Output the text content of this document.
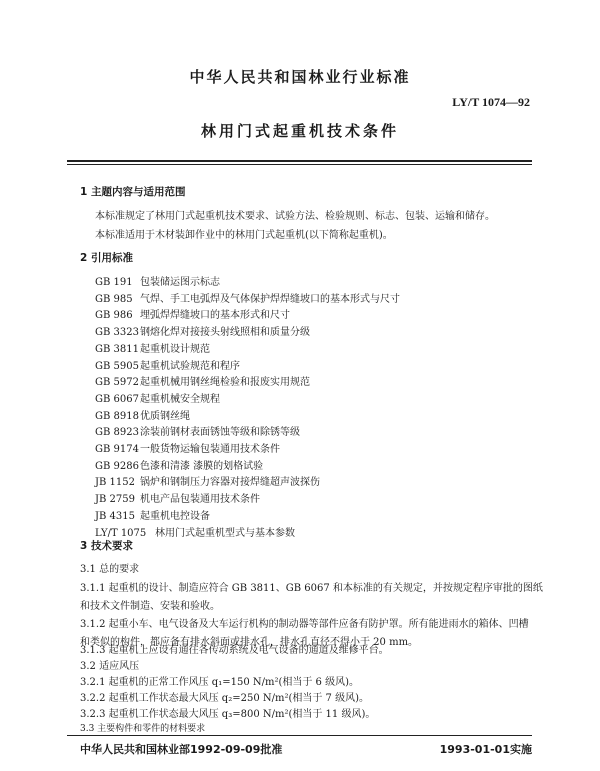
中华人民共和国林业行业标准
LY/T 1074—92
林用门式起重机技术条件
1 主题内容与适用范围
本标准规定了林用门式起重机技术要求、试验方法、检验规则、标志、包装、运输和储存。
本标准适用于木材装卸作业中的林用门式起重机(以下简称起重机)。
2 引用标准
GB 191 包装储运图示标志
GB 985 气焊、手工电弧焊及气体保护焊焊缝坡口的基本形式与尺寸
GB 986 埋弧焊焊缝坡口的基本形式和尺寸
GB 3323钢熔化焊对接接头射线照相和质量分级
GB 3811起重机设计规范
GB 5905起重机试验规范和程序
GB 5972起重机械用钢丝绳检验和报废实用规范
GB 6067起重机械安全规程
GB 8918优质钢丝绳
GB 8923涂装前钢材表面锈蚀等级和除锈等级
GB 9174一般货物运输包装通用技术条件
GB 9286色漆和清漆 漆膜的划格试验
JB 1152 锅炉和钢制压力容器对接焊缝超声波探伤
JB 2759 机电产品包装通用技术条件
JB 4315 起重机电控设备
LY/T 1075 林用门式起重机型式与基本参数
3 技术要求
3.1 总的要求
3.1.1 起重机的设计、制造应符合 GB 3811、GB 6067 和本标准的有关规定，并按规定程序审批的图纸
和技术文件制造、安装和验收。
3.1.2 起重小车、电气设备及大车运行机构的制动器等部件应备有防护罩。所有能进雨水的箱体、凹槽
和类似的构件，都应备有排水斜面或排水孔，排水孔直径不得小于 20 mm。
3.1.3 起重机上应设有通往各传动系统及电气设备的通道及维修平台。
3.2 适应风压
3.2.1 起重机的正常工作风压 q₁=150 N/m²(相当于 6 级风)。
3.2.2 起重机工作状态最大风压 q₂=250 N/m²(相当于 7 级风)。
3.2.3 起重机工作状态最大风压 q₃=800 N/m²(相当于 11 级风)。
3.3 主要构件和零件的材料要求
中华人民共和国林业部1992-09-09批准	1993-01-01实施
